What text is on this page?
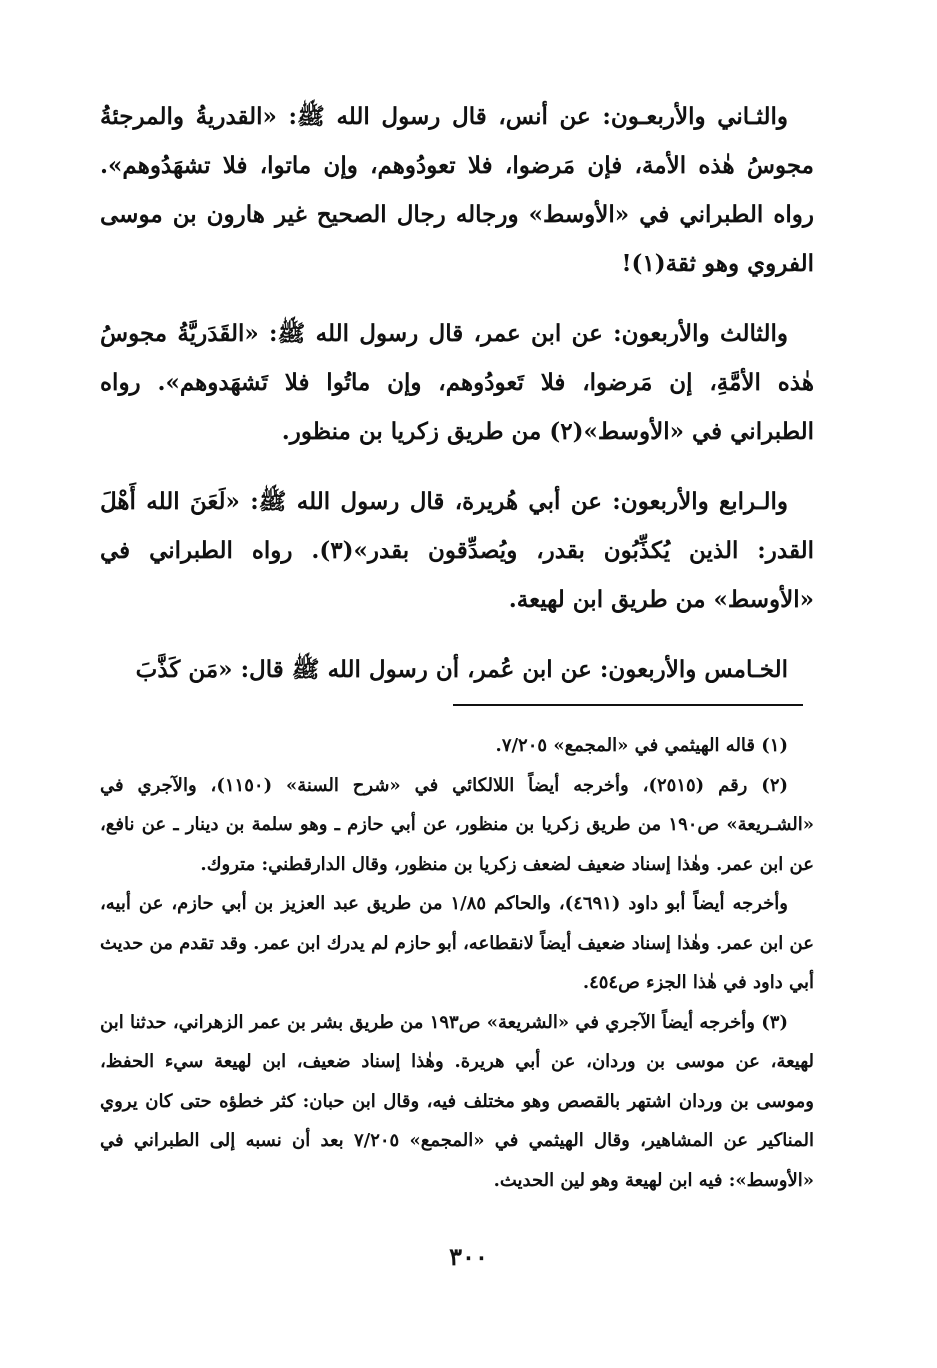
والثـاني والأربعـون: عن أنس، قال رسول الله ﷺ: «القدريةُ والمرجئةُ مجوسُ هٰذه الأمة، فإن مَرضوا، فلا تعودُوهم، وإن ماتوا، فلا تشهَدُوهم». رواه الطبراني في «الأوسط» ورجاله رجال الصحيح غير هارون بن موسى الفروي وهو ثقة(١)!

والثالث والأربعون: عن ابن عمر، قال رسول الله ﷺ: «القَدَريَّةُ مجوسُ هٰذه الأمَّةِ، إن مَرضوا، فلا تَعودُوهم، وإن ماتُوا فلا تَشهَدوهم». رواه الطبراني في «الأوسط»(٢) من طريق زكريا بن منظور.

والـرابع والأربعون: عن أبي هُريرة، قال رسول الله ﷺ: «لَعَنَ الله أَهْلَ القدر: الذين يُكذِّبُون بقدر، ويُصدِّقون بقدر»(٣). رواه الطبراني في «الأوسط» من طريق ابن لهيعة.

الخـامس والأربعون: عن ابن عُمر، أن رسول الله ﷺ قال: «مَن كَذَّبَ

(١) قاله الهيثمي في «المجمع» ٧/٢٠٥.

(٢) رقم (٢٥١٥)، وأخرجه أيضاً اللالكائي في «شرح السنة» (١١٥٠)، والآجري في «الشـريعة» ص١٩٠ من طريق زكريا بن منظور، عن أبي حازم ـ وهو سلمة بن دينار ـ عن نافع، عن ابن عمر. وهٰذا إسناد ضعيف لضعف زكريا بن منظور، وقال الدارقطني: متروك.

وأخرجه أيضاً أبو داود (٤٦٩١)، والحاكم ١/٨٥ من طريق عبد العزيز بن أبي حازم، عن أبيه، عن ابن عمر. وهٰذا إسناد ضعيف أيضاً لانقطاعه، أبو حازم لم يدرك ابن عمر. وقد تقدم من حديث أبي داود في هٰذا الجزء ص٤٥٤.

(٣) وأخرجه أيضاً الآجري في «الشريعة» ص١٩٣ من طريق بشر بن عمر الزهراني، حدثنا ابن لهيعة، عن موسى بن وردان، عن أبي هريرة. وهٰذا إسناد ضعيف، ابن لهيعة سيء الحفظ، وموسى بن وردان اشتهر بالقصص وهو مختلف فيه، وقال ابن حبان: كثر خطؤه حتى كان يروي المناكير عن المشاهير، وقال الهيثمي في «المجمع» ٧/٢٠٥ بعد أن نسبه إلى الطبراني في «الأوسط»: فيه ابن لهيعة وهو لين الحديث.

٣٠٠
